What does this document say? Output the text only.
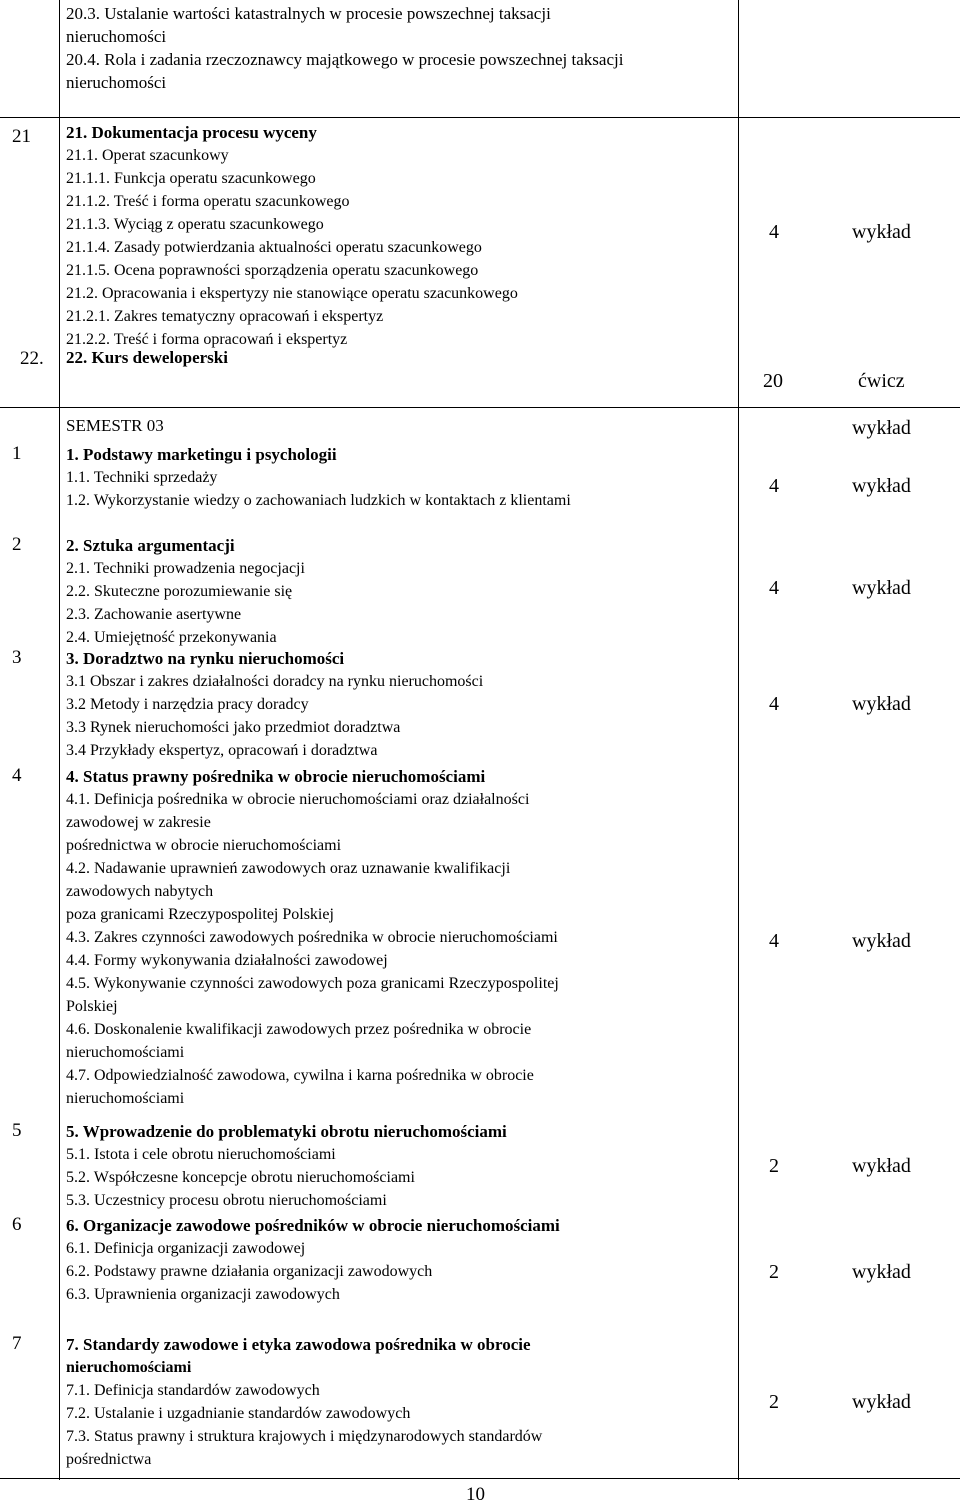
20.3. Ustalanie wartości katastralnych w procesie powszechnej taksacji
nieruchomości
20.4. Rola i zadania rzeczoznawcy majątkowego w procesie powszechnej taksacji
nieruchomości
21 21. Dokumentacja procesu wyceny
21.1. Operat szacunkowy
21.1.1. Funkcja operatu szacunkowego
21.1.2. Treść i forma operatu szacunkowego
21.1.3. Wyciąg z operatu szacunkowego
21.1.4. Zasady potwierdzania aktualności operatu szacunkowego
21.1.5. Ocena poprawności sporządzenia operatu szacunkowego
21.2. Opracowania i ekspertyzy nie stanowiące operatu szacunkowego
21.2.1. Zakres tematyczny opracowań i ekspertyz
21.2.2. Treść i forma opracowań i ekspertyz
4	wykład
22. 22. Kurs deweloperski
20	ćwicz
SEMESTR 03	wykład
1	1. Podstawy marketingu i psychologii
1.1. Techniki sprzedaży
1.2. Wykorzystanie wiedzy o zachowaniach ludzkich w kontaktach z klientami
4	wykład
2	2. Sztuka argumentacji
2.1. Techniki prowadzenia negocjacji
2.2. Skuteczne porozumiewanie się
2.3. Zachowanie asertywne
2.4. Umiejętność przekonywania
4	wykład
3	3. Doradztwo na rynku nieruchomości
3.1 Obszar i zakres działalności doradcy na rynku nieruchomości
3.2 Metody i narzędzia pracy doradcy
3.3 Rynek nieruchomości jako przedmiot doradztwa
3.4 Przykłady ekspertyz, opracowań i doradztwa
4	wykład
4	4. Status prawny pośrednika w obrocie nieruchomościami
4.1. Definicja pośrednika w obrocie nieruchomościami oraz działalności
zawodowej w zakresie
pośrednictwa w obrocie nieruchomościami
4.2. Nadawanie uprawnień zawodowych oraz uznawanie kwalifikacji
zawodowych nabytych
poza granicami Rzeczypospolitej Polskiej
4.3. Zakres czynności zawodowych pośrednika w obrocie nieruchomościami
4.4. Formy wykonywania działalności zawodowej
4.5. Wykonywanie czynności zawodowych poza granicami Rzeczypospolitej
Polskiej
4.6. Doskonalenie kwalifikacji zawodowych przez pośrednika w obrocie
nieruchomościami
4.7. Odpowiedzialność zawodowa, cywilna i karna pośrednika w obrocie
nieruchomościami
4	wykład
5	5. Wprowadzenie do problematyki obrotu nieruchomościami
5.1. Istota i cele obrotu nieruchomościami
5.2. Współczesne koncepcje obrotu nieruchomościami
5.3. Uczestnicy procesu obrotu nieruchomościami
2	wykład
6	6. Organizacje zawodowe pośredników w obrocie nieruchomościami
6.1. Definicja organizacji zawodowej
6.2. Podstawy prawne działania organizacji zawodowych
6.3. Uprawnienia organizacji zawodowych
2	wykład
7	7. Standardy zawodowe i etyka zawodowa pośrednika w obrocie
nieruchomościami
7.1. Definicja standardów zawodowych
7.2. Ustalanie i uzgadnianie standardów zawodowych
7.3. Status prawny i struktura krajowych i międzynarodowych standardów
pośrednictwa
2	wykład
10
